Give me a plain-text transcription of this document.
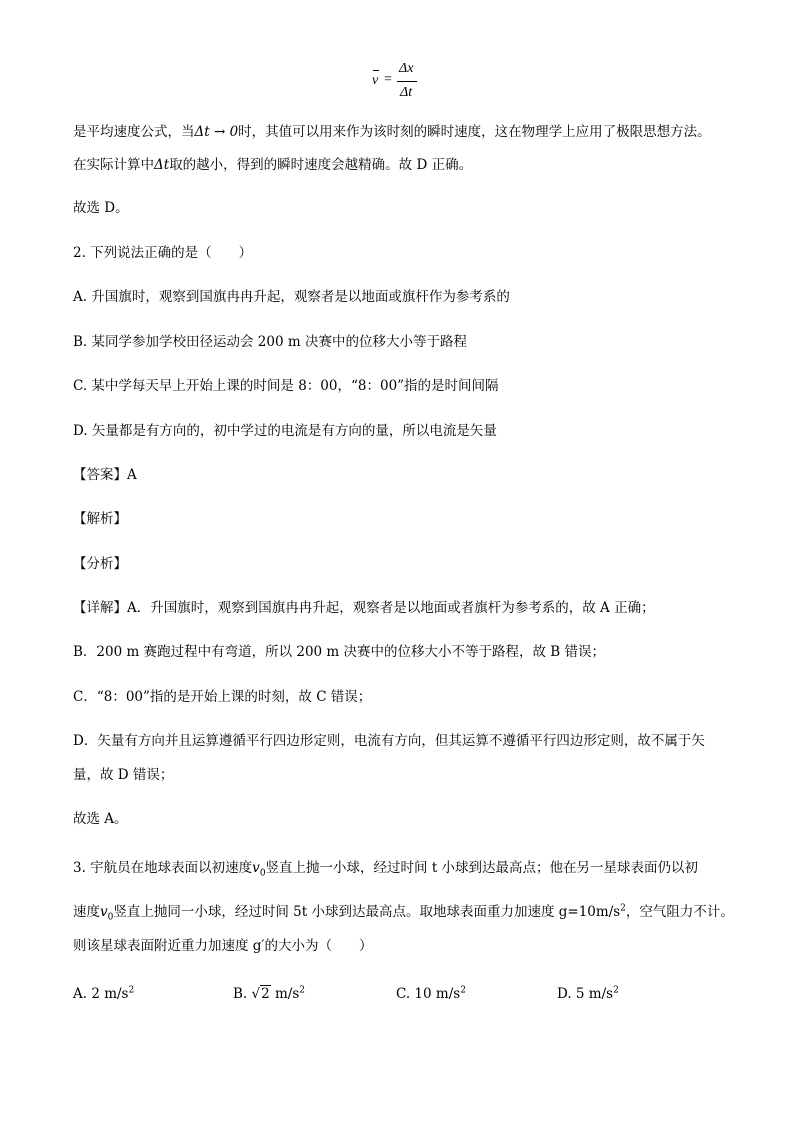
v =
Δx
Δt
是平均速度公式，当Δt → 0时，其值可以用来作为该时刻的瞬时速度，这在物理学上应用了极限思想方法。
在实际计算中Δt取的越小，得到的瞬时速度会越精确。故 D 正确。
故选 D。
2. 下列说法正确的是（　　）
A. 升国旗时，观察到国旗冉冉升起，观察者是以地面或旗杆作为参考系的
B. 某同学参加学校田径运动会 200 m 决赛中的位移大小等于路程
C. 某中学每天早上开始上课的时间是 8：00，“8：00”指的是时间间隔
D. 矢量都是有方向的，初中学过的电流是有方向的量，所以电流是矢量
【答案】A
【解析】
【分析】
【详解】A．升国旗时，观察到国旗冉冉升起，观察者是以地面或者旗杆为参考系的，故 A 正确；
B．200 m 赛跑过程中有弯道，所以 200 m 决赛中的位移大小不等于路程，故 B 错误；
C．“8：00”指的是开始上课的时刻，故 C 错误；
D．矢量有方向并且运算遵循平行四边形定则，电流有方向，但其运算不遵循平行四边形定则，故不属于矢
量，故 D 错误；
故选 A。
3. 宇航员在地球表面以初速度$v_0$竖直上抛一小球，经过时间 t 小球到达最高点；他在另一星球表面仍以初
速度$v_0$竖直上抛同一小球，经过时间 5t 小球到达最高点。取地球表面重力加速度 $g=10m/s^2$，空气阻力不计。
则该星球表面附近重力加速度 g′的大小为（　　）
A. 2 $m/s^2$	B. √2 $m/s^2$	C. 10 $m/s^2$	D. 5 $m/s^2$
